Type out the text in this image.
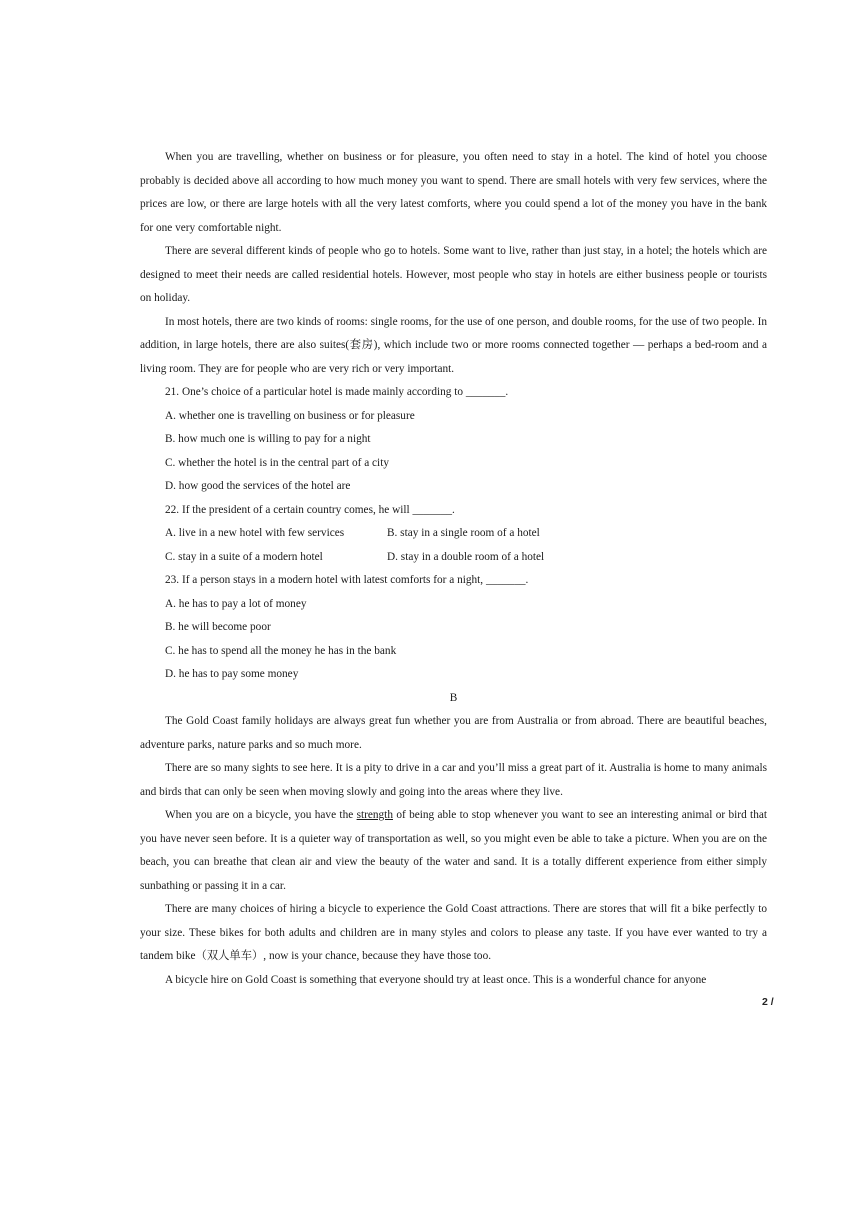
When you are travelling, whether on business or for pleasure, you often need to stay in a hotel. The kind of hotel you choose probably is decided above all according to how much money you want to spend. There are small hotels with very few services, where the prices are low, or there are large hotels with all the very latest comforts, where you could spend a lot of the money you have in the bank for one very comfortable night.

There are several different kinds of people who go to hotels. Some want to live, rather than just stay, in a hotel; the hotels which are designed to meet their needs are called residential hotels. However, most people who stay in hotels are either business people or tourists on holiday.

In most hotels, there are two kinds of rooms: single rooms, for the use of one person, and double rooms, for the use of two people. In addition, in large hotels, there are also suites(套房), which include two or more rooms connected together — perhaps a bed-room and a living room. They are for people who are very rich or very important.

21. One’s choice of a particular hotel is made mainly according to _______.

A. whether one is travelling on business or for pleasure

B. how much one is willing to pay for a night

C. whether the hotel is in the central part of a city

D. how good the services of the hotel are

22. If the president of a certain country comes, he will _______.

A. live in a new hotel with few services	B. stay in a single room of a hotel
C. stay in a suite of a modern hotel	D. stay in a double room of a hotel

23. If a person stays in a modern hotel with latest comforts for a night, _______.

A. he has to pay a lot of money

B. he will become poor

C. he has to spend all the money he has in the bank

D. he has to pay some money

B

The Gold Coast family holidays are always great fun whether you are from Australia or from abroad. There are beautiful beaches, adventure parks, nature parks and so much more.

There are so many sights to see here. It is a pity to drive in a car and you’ll miss a great part of it. Australia is home to many animals and birds that can only be seen when moving slowly and going into the areas where they live.

When you are on a bicycle, you have the strength of being able to stop whenever you want to see an interesting animal or bird that you have never seen before. It is a quieter way of transportation as well, so you might even be able to take a picture. When you are on the beach, you can breathe that clean air and view the beauty of the water and sand. It is a totally different experience from either simply sunbathing or passing it in a car.

There are many choices of hiring a bicycle to experience the Gold Coast attractions. There are stores that will fit a bike perfectly to your size. These bikes for both adults and children are in many styles and colors to please any taste. If you have ever wanted to try a tandem bike（双人单车）, now is your chance, because they have those too.

A bicycle hire on Gold Coast is something that everyone should try at least once. This is a wonderful chance for anyone

2 /
